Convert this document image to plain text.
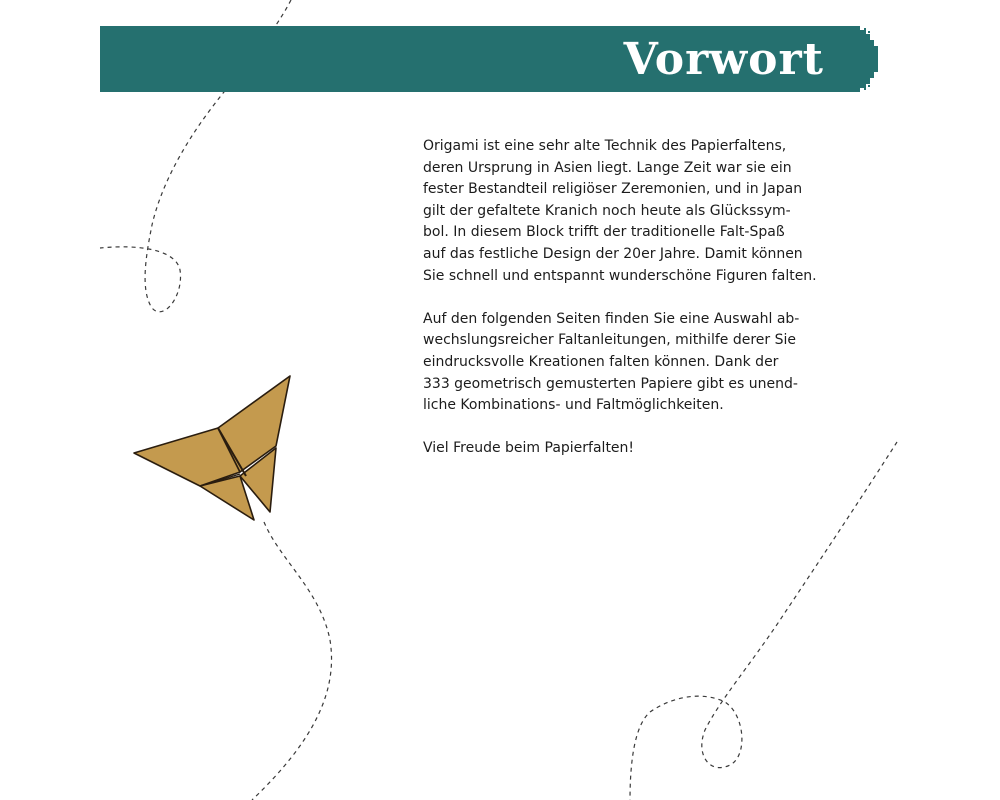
Vorwort

Origami ist eine sehr alte Technik des Papierfaltens,
deren Ursprung in Asien liegt. Lange Zeit war sie ein
fester Bestandteil religiöser Zeremonien, und in Japan
gilt der gefaltete Kranich noch heute als Glückssym-
bol. In diesem Block trifft der traditionelle Falt-Spaß
auf das festliche Design der 20er Jahre. Damit können
Sie schnell und entspannt wunderschöne Figuren falten.

Auf den folgenden Seiten finden Sie eine Auswahl ab-
wechslungsreicher Faltanleitungen, mithilfe derer Sie
eindrucksvolle Kreationen falten können. Dank der
333 geometrisch gemusterten Papiere gibt es unend-
liche Kombinations- und Faltmöglichkeiten.

Viel Freude beim Papierfalten!
